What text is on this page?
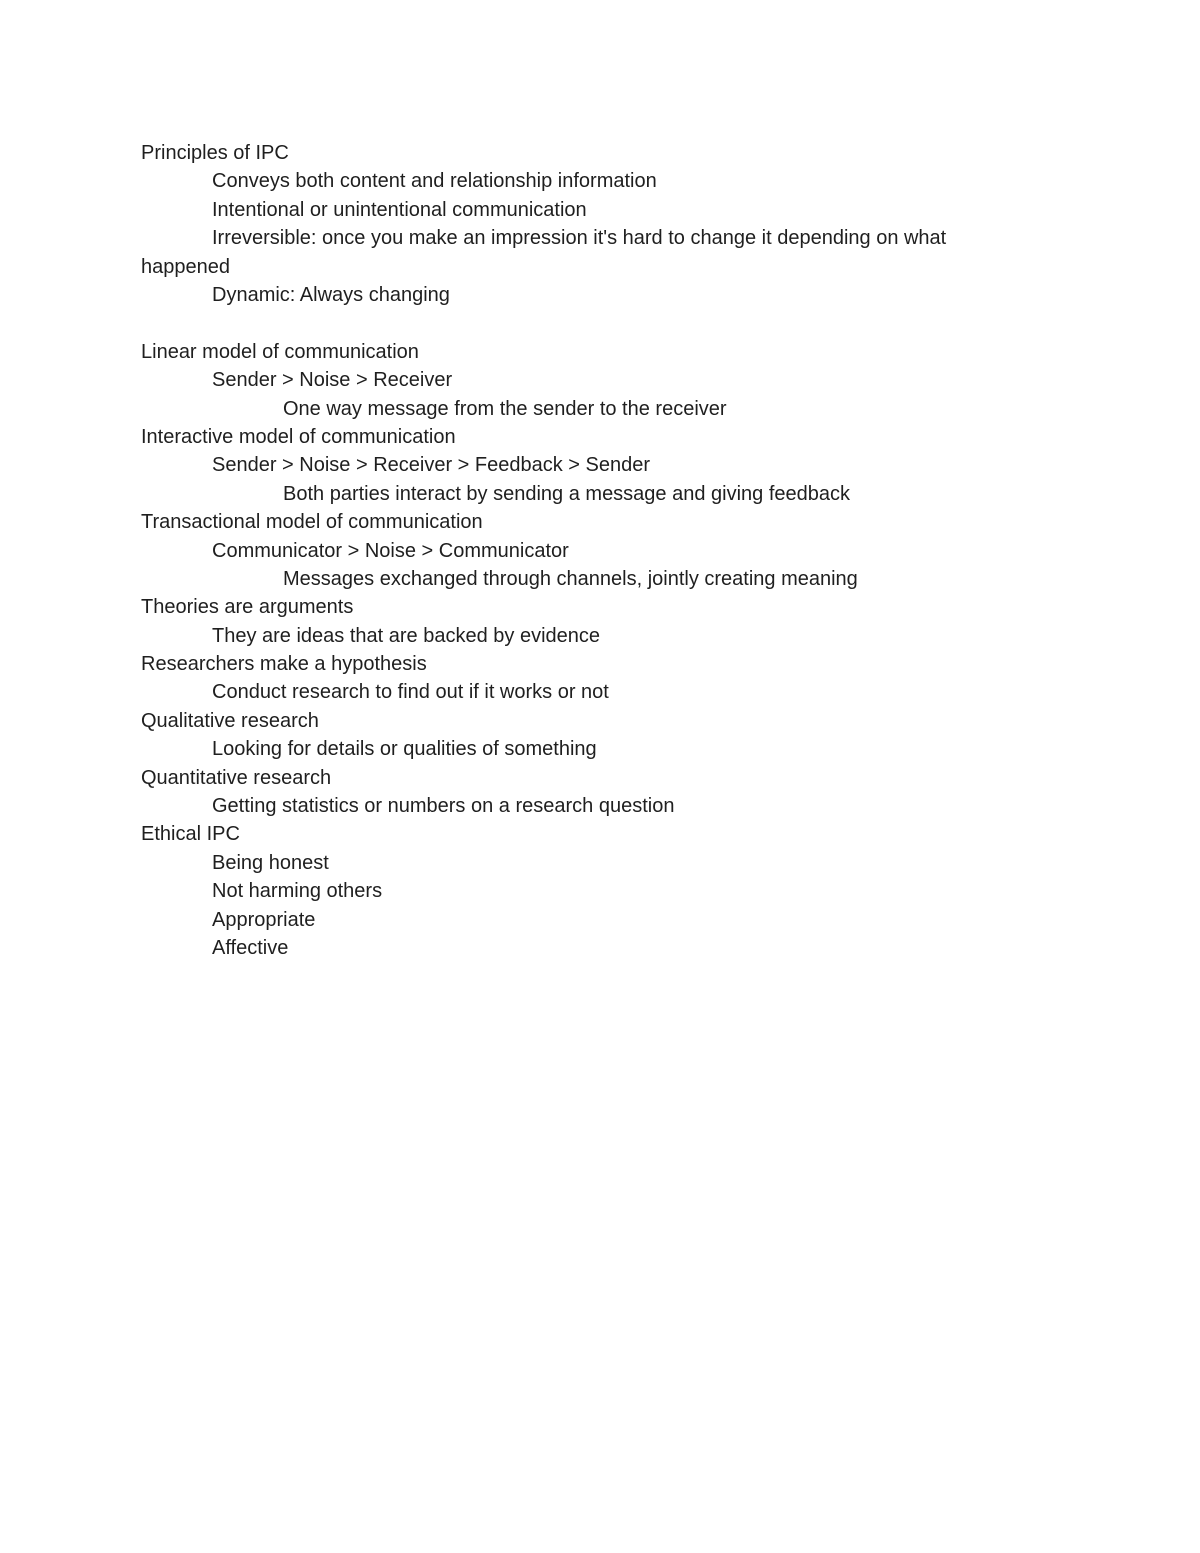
Principles of IPC
Conveys both content and relationship information
Intentional or unintentional communication
Irreversible: once you make an impression it's hard to change it depending on what happened
Dynamic: Always changing
Linear model of communication
Sender > Noise > Receiver
One way message from the sender to the receiver
Interactive model of communication
Sender > Noise > Receiver > Feedback > Sender
Both parties interact by sending a message and giving feedback
Transactional model of communication
Communicator > Noise > Communicator
Messages exchanged through channels, jointly creating meaning
Theories are arguments
They are ideas that are backed by evidence
Researchers make a hypothesis
Conduct research to find out if it works or not
Qualitative research
Looking for details or qualities of something
Quantitative research
Getting statistics or numbers on a research question
Ethical IPC
Being honest
Not harming others
Appropriate
Affective
